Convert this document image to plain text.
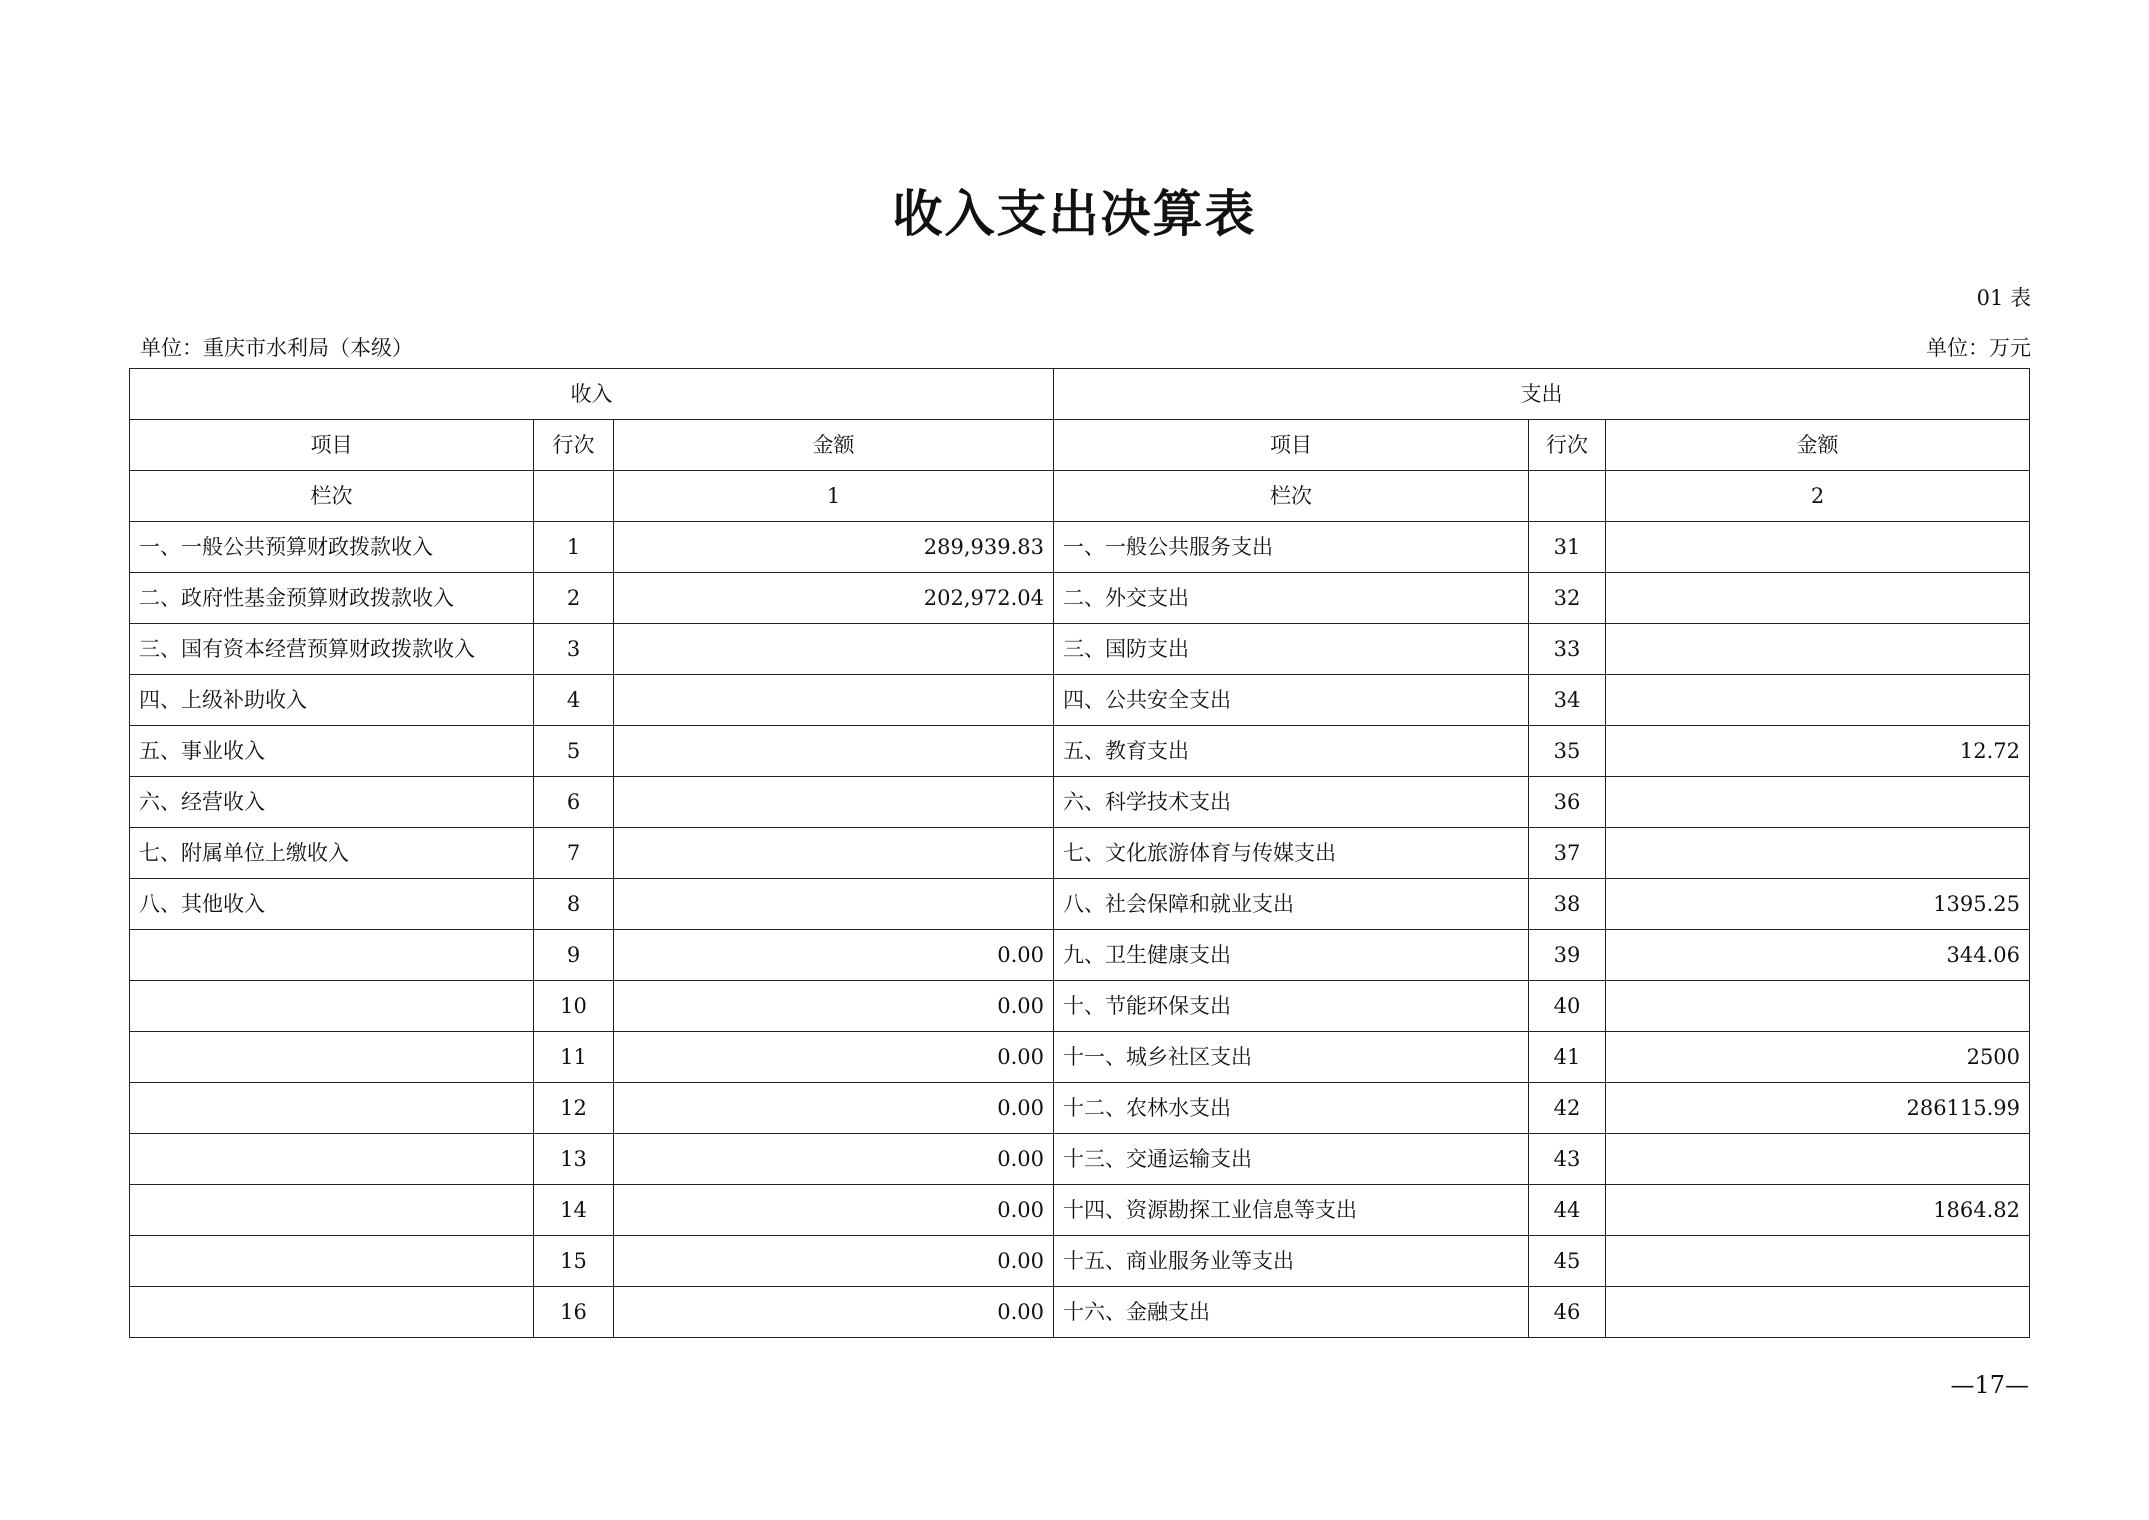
收入支出决算表
01 表
单位：重庆市水利局（本级）	单位：万元
收入			支出		
项目	行次	金额	项目	行次	金额
栏次		1	栏次		2
一、一般公共预算财政拨款收入	1	289,939.83	一、一般公共服务支出	31	
二、政府性基金预算财政拨款收入	2	202,972.04	二、外交支出	32	
三、国有资本经营预算财政拨款收入	3		三、国防支出	33	
四、上级补助收入	4		四、公共安全支出	34	
五、事业收入	5		五、教育支出	35	12.72
六、经营收入	6		六、科学技术支出	36	
七、附属单位上缴收入	7		七、文化旅游体育与传媒支出	37	
八、其他收入	8		八、社会保障和就业支出	38	1395.25
	9	0.00	九、卫生健康支出	39	344.06
	10	0.00	十、节能环保支出	40	
	11	0.00	十一、城乡社区支出	41	2500
	12	0.00	十二、农林水支出	42	286115.99
	13	0.00	十三、交通运输支出	43	
	14	0.00	十四、资源勘探工业信息等支出	44	1864.82
	15	0.00	十五、商业服务业等支出	45	
	16	0.00	十六、金融支出	46	
—17—
